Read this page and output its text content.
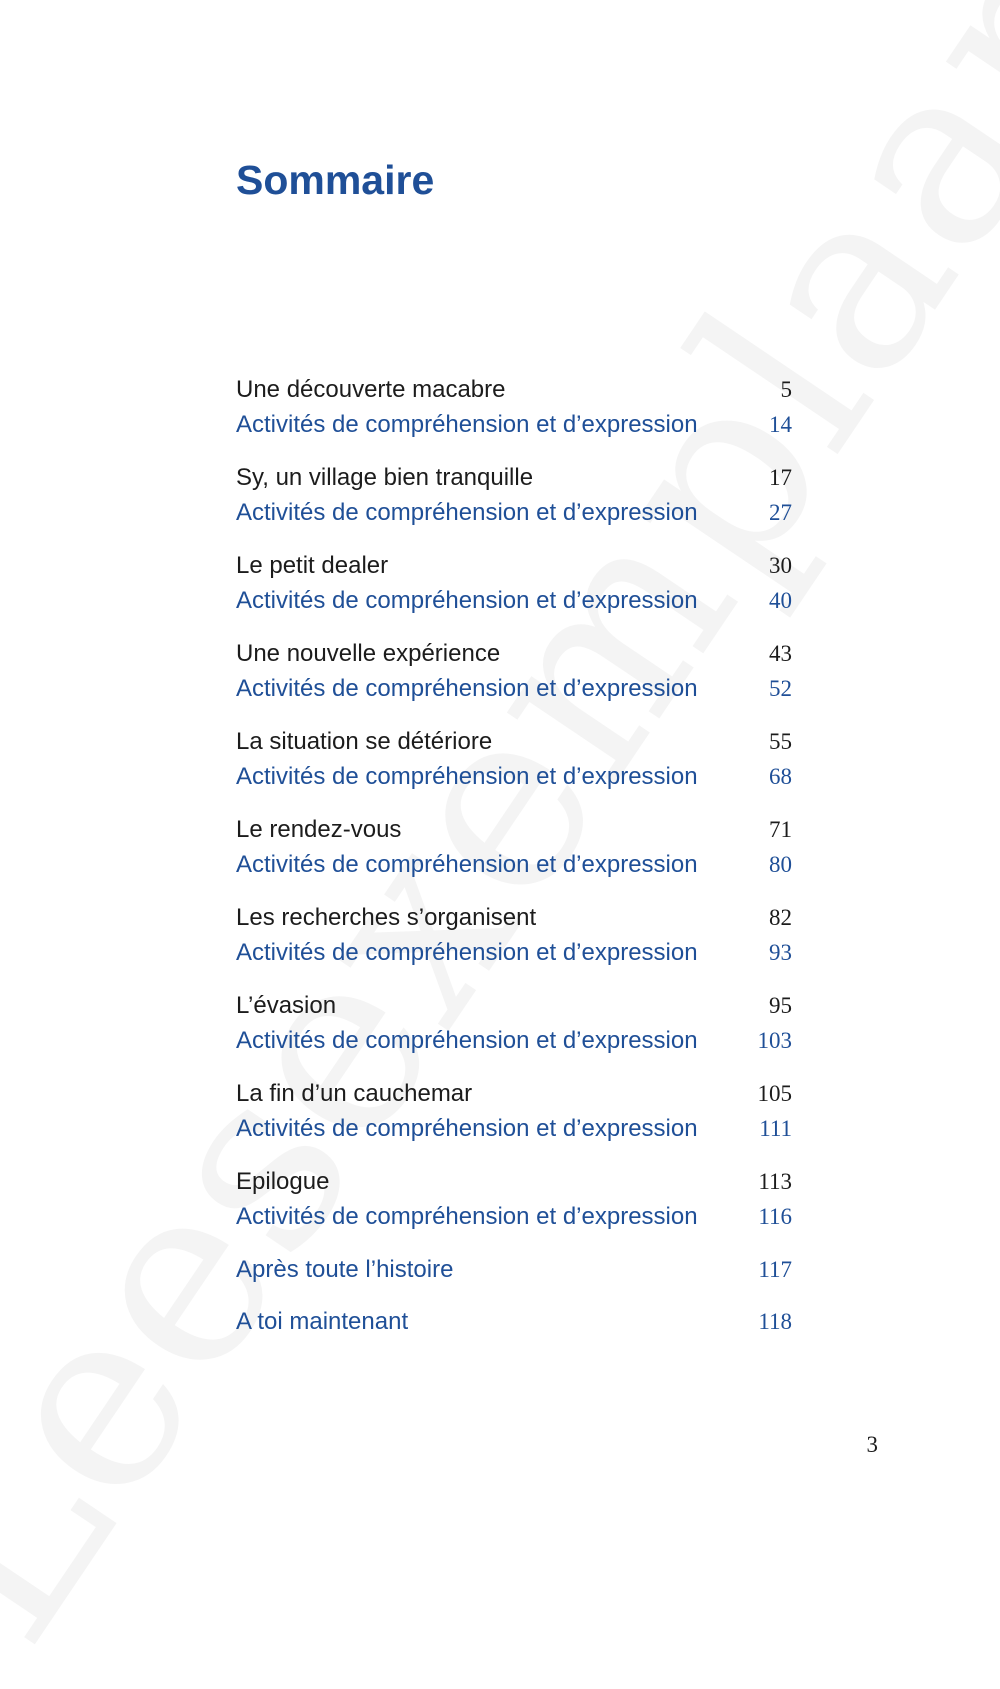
Sommaire
Une découverte macabre	5
Activités de compréhension et d’expression	14
Sy, un village bien tranquille	17
Activités de compréhension et d’expression	27
Le petit dealer	30
Activités de compréhension et d’expression	40
Une nouvelle expérience	43
Activités de compréhension et d’expression	52
La situation se détériore	55
Activités de compréhension et d’expression	68
Le rendez-vous	71
Activités de compréhension et d’expression	80
Les recherches s’organisent	82
Activités de compréhension et d’expression	93
L’évasion	95
Activités de compréhension et d’expression	103
La fin d’un cauchemar	105
Activités de compréhension et d’expression	111
Epilogue	113
Activités de compréhension et d’expression	116
Après toute l’histoire	117
A toi maintenant	118
3
